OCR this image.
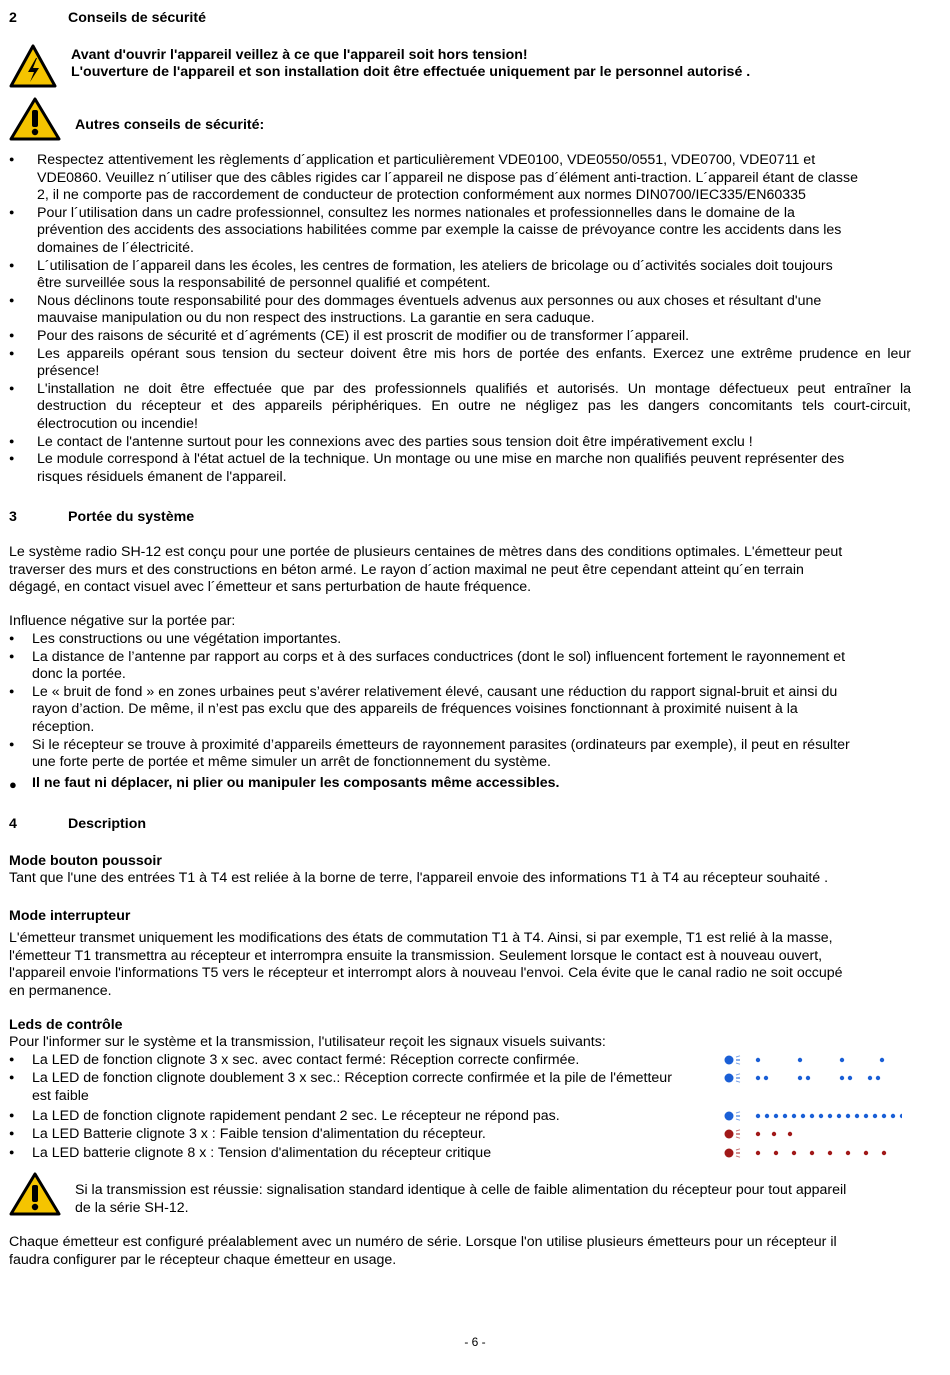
2	Conseils de sécurité
Avant d'ouvrir l'appareil veillez à ce que l'appareil soit hors tension!
L'ouverture de l'appareil et son installation doit être effectuée uniquement par le personnel autorisé .
Autres conseils de sécurité:
● Respectez attentivement les règlements d´application et particulièrement VDE0100, VDE0550/0551, VDE0700, VDE0711 et
VDE0860. Veuillez n´utiliser que des câbles rigides car l´appareil ne dispose pas d´élément anti-traction. L´appareil étant de classe
2, il ne comporte pas de raccordement de conducteur de protection conformément aux normes DIN0700/IEC335/EN60335
● Pour l´utilisation dans un cadre professionnel, consultez les normes nationales et professionnelles dans le domaine de la
prévention des accidents des associations habilitées comme par exemple la caisse de prévoyance contre les accidents dans les
domaines de l´électricité.
● L´utilisation de l´appareil dans les écoles, les centres de formation, les ateliers de bricolage ou d´activités sociales doit toujours
être surveillée sous la responsabilité de personnel qualifié et compétent.
● Nous déclinons toute responsabilité pour des dommages éventuels advenus aux personnes ou aux choses et résultant d'une
mauvaise manipulation ou du non respect des instructions. La garantie en sera caduque.
● Pour des raisons de sécurité et d´agréments (CE) il est proscrit de modifier ou de transformer l´appareil.
● Les appareils opérant sous tension du secteur doivent être mis hors de portée des enfants. Exercez une extrême prudence en leur
présence!
● L'installation ne doit être effectuée que par des professionnels qualifiés et autorisés. Un montage défectueux peut entraîner la
destruction du récepteur et des appareils périphériques. En outre ne négligez pas les dangers concomitants tels court-circuit,
électrocution ou incendie!
● Le contact de l'antenne surtout pour les connexions avec des parties sous tension doit être impérativement exclu !
● Le module correspond à l'état actuel de la technique. Un montage ou une mise en marche non qualifiés peuvent représenter des
risques résiduels émanent de l'appareil.
3	Portée du système
Le système radio SH-12 est conçu pour une portée de plusieurs centaines de mètres dans des conditions optimales. L'émetteur peut
traverser des murs et des constructions en béton armé. Le rayon d´action maximal ne peut être cependant atteint qu´en terrain
dégagé, en contact visuel avec l´émetteur et sans perturbation de haute fréquence.
Influence négative sur la portée par:
● Les constructions ou une végétation importantes.
● La distance de l’antenne par rapport au corps et à des surfaces conductrices (dont le sol) influencent fortement le rayonnement et
donc la portée.
● Le « bruit de fond » en zones urbaines peut s’avérer relativement élevé, causant une réduction du rapport signal-bruit et ainsi du
rayon d’action. De même, il n’est pas exclu que des appareils de fréquences voisines fonctionnant à proximité nuisent à la
réception.
● Si le récepteur se trouve à proximité d’appareils émetteurs de rayonnement parasites (ordinateurs par exemple), il peut en résulter
une forte perte de portée et même simuler un arrêt de fonctionnement du système.
● Il ne faut ni déplacer, ni plier ou manipuler les composants même accessibles.
4	Description
Mode bouton poussoir
Tant que l'une des entrées T1 à T4 est reliée à la borne de terre, l'appareil envoie des informations T1 à T4 au récepteur souhaité .
Mode interrupteur
L'émetteur transmet uniquement les modifications des états de commutation T1 à T4. Ainsi, si par exemple, T1 est relié à la masse,
l'émetteur T1 transmettra au récepteur et interrompra ensuite la transmission. Seulement lorsque le contact est à nouveau ouvert,
l'appareil envoie l'informations T5 vers le récepteur et interrompt alors à nouveau l'envoi. Cela évite que le canal radio ne soit occupé
en permanence.
Leds de contrôle
Pour l'informer sur le système et la transmission, l'utilisateur reçoit les signaux visuels suivants:
● La LED de fonction clignote 3 x sec. avec contact fermé: Réception correcte confirmée.
● La LED de fonction clignote doublement 3 x sec.: Réception correcte confirmée et la pile de l'émetteur
est faible
● La LED de fonction clignote rapidement pendant 2 sec. Le récepteur ne répond pas.
● La LED Batterie clignote 3 x : Faible tension d'alimentation du récepteur.
● La LED batterie clignote 8 x : Tension d'alimentation du récepteur critique
Si la transmission est réussie: signalisation standard identique à celle de faible alimentation du récepteur pour tout appareil
de la série SH-12.
Chaque émetteur est configuré préalablement avec un numéro de série. Lorsque l'on utilise plusieurs émetteurs pour un récepteur il
faudra configurer par le récepteur chaque émetteur en usage.
- 6 -
